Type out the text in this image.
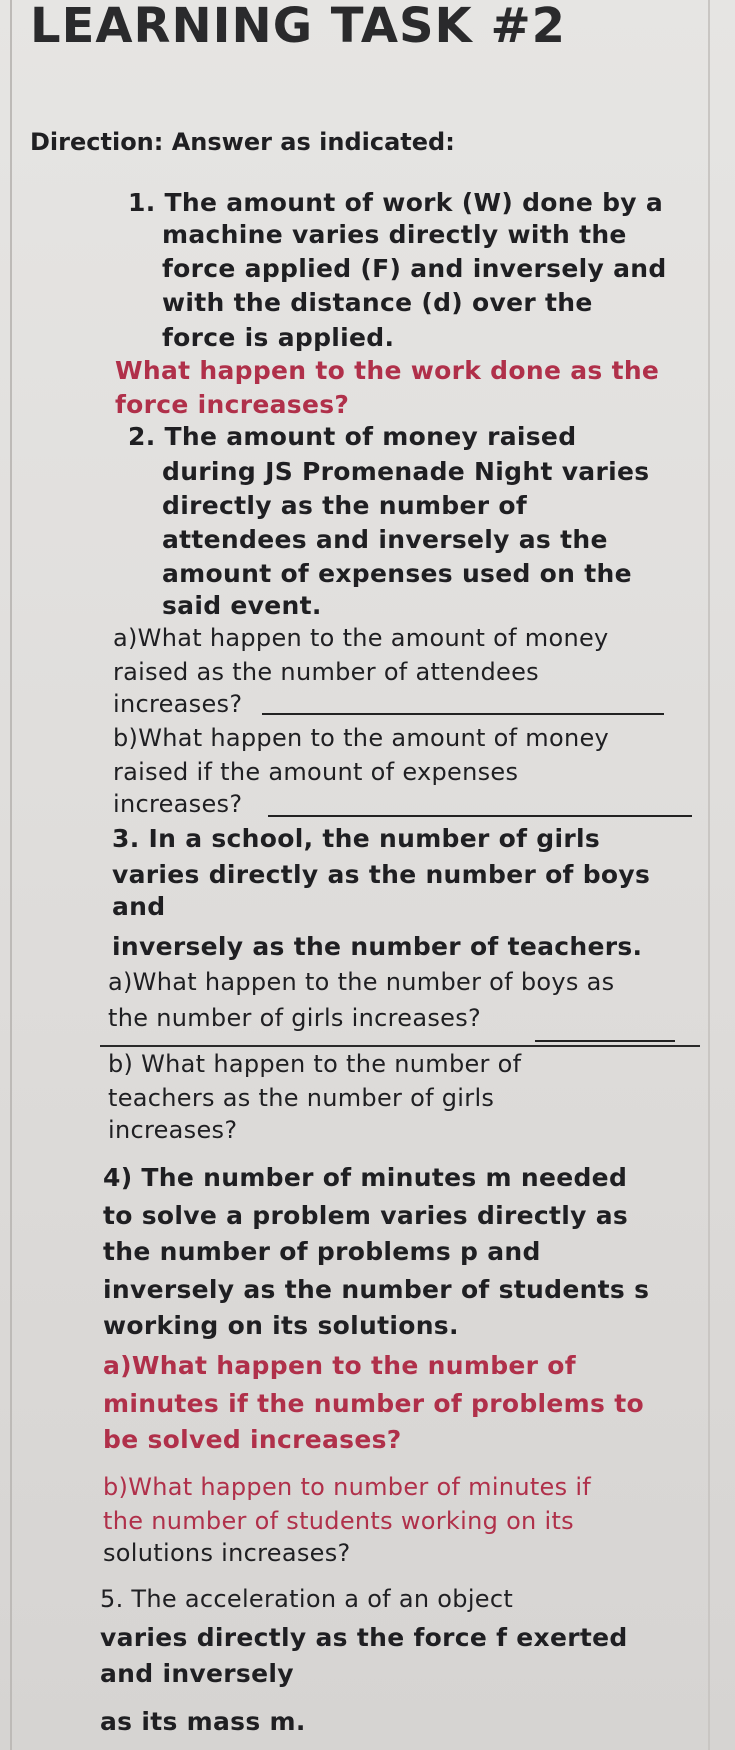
LEARNING TASK #2
Direction: Answer as indicated:
1. The amount of work (W) done by a
machine varies directly with the
force applied (F) and inversely and
with the distance (d) over the
force is applied.
What happen to the work done as the
force increases?
2. The amount of money raised
during JS Promenade Night varies
directly as the number of
attendees and inversely as the
amount of expenses used on the
said event.
a)What happen to the amount of money
raised as the number of attendees
increases?
b)What happen to the amount of money
raised if the amount of expenses
increases?
3. In a school, the number of girls
varies directly as the number of boys
and
inversely as the number of teachers.
a)What happen to the number of boys as
the number of girls increases?
b) What happen to the number of
teachers as the number of girls
increases?
4) The number of minutes m needed
to solve a problem varies directly as
the number of problems p and
inversely as the number of students s
working on its solutions.
a)What happen to the number of
minutes if the number of problems to
be solved increases?
b)What happen to number of minutes if
the number of students working on its
solutions increases?
5. The acceleration a of an object
varies directly as the force f exerted
and inversely
as its mass m.
